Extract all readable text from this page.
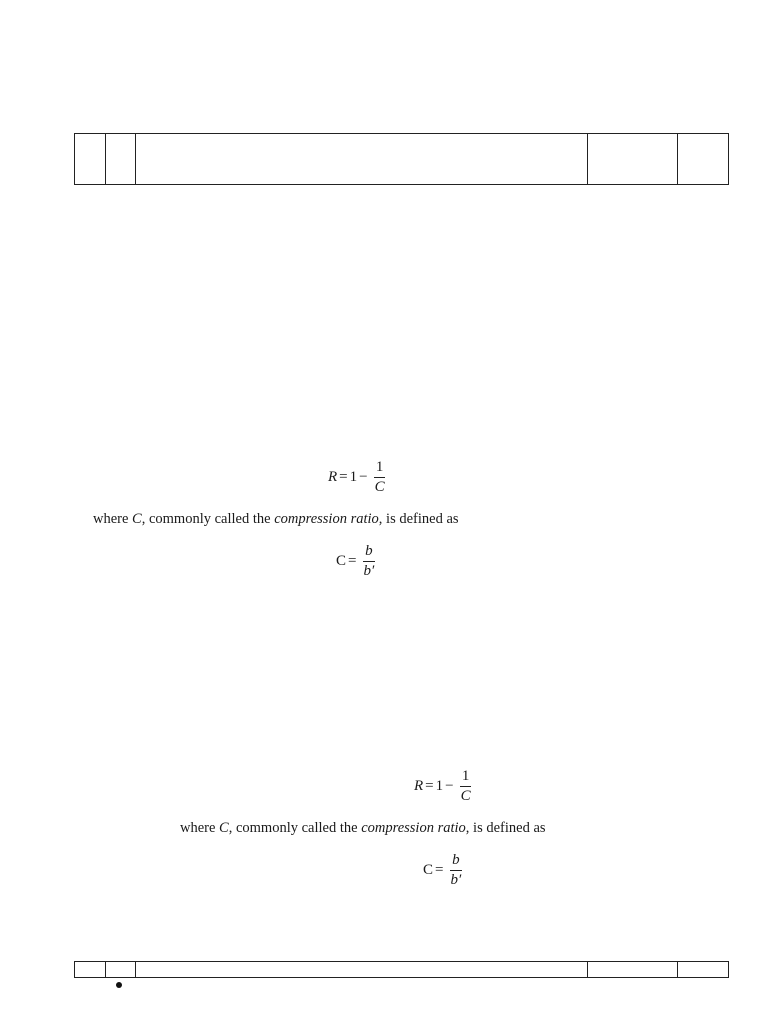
$R = 1 - \frac{1}{C}$
where C, commonly called the compression ratio, is defined as
$C = \frac{b}{b'}$
$R = 1 - \frac{1}{C}$
where C, commonly called the compression ratio, is defined as
$C = \frac{b}{b'}$
